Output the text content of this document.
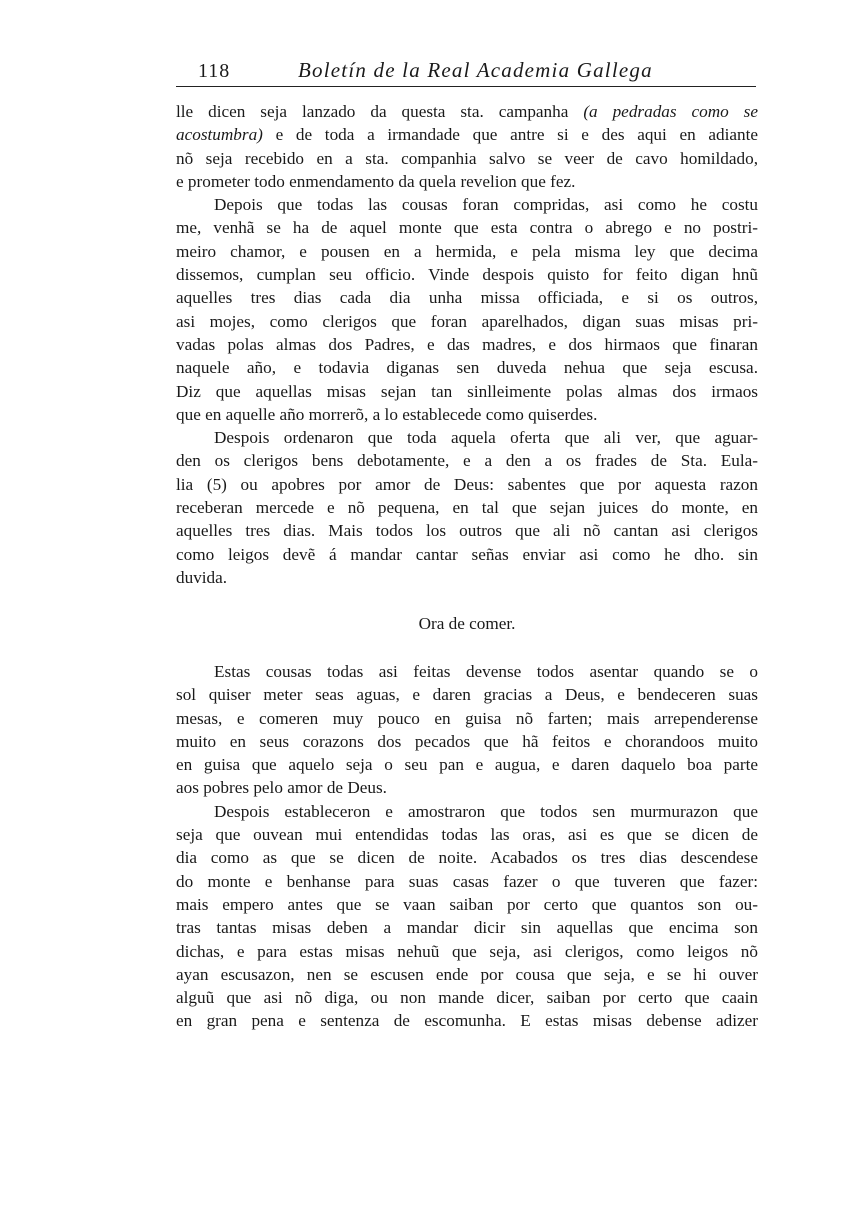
118	Boletín de la Real Academia Gallega
lle dicen seja lanzado da questa sta. campanha (a pedradas como se
acostumbra) e de toda a irmandade que antre si e des aqui en adiante
nõ seja recebido en a sta. companhia salvo se veer de cavo homildado,
e prometer todo enmendamento da quela revelion que fez.
Depois que todas las cousas foran compridas, asi como he costu
me, venhã se ha de aquel monte que esta contra o abrego e no postri-
meiro chamor, e pousen en a hermida, e pela misma ley que decima
dissemos, cumplan seu officio. Vinde despois quisto for feito digan hnũ
aquelles tres dias cada dia unha missa officiada, e si os outros,
asi mojes, como clerigos que foran aparelhados, digan suas misas pri-
vadas polas almas dos Padres, e das madres, e dos hirmaos que finaran
naquele año, e todavia diganas sen duveda nehua que seja escusa.
Diz que aquellas misas sejan tan sinlleimente polas almas dos irmaos
que en aquelle año morrerõ, a lo establecede como quiserdes.
Despois ordenaron que toda aquela oferta que ali ver, que aguar-
den os clerigos bens debotamente, e a den a os frades de Sta. Eula-
lia (5) ou apobres por amor de Deus: sabentes que por aquesta razon
receberan mercede e nõ pequena, en tal que sejan juices do monte, en
aquelles tres dias. Mais todos los outros que ali nõ cantan asi clerigos
como leigos devẽ á mandar cantar señas enviar asi como he dho. sin
duvida.
Ora de comer.
Estas cousas todas asi feitas devense todos asentar quando se o
sol quiser meter seas aguas, e daren gracias a Deus, e bendeceren suas
mesas, e comeren muy pouco en guisa nõ farten; mais arrependerense
muito en seus corazons dos pecados que hã feitos e chorandoos muito
en guisa que aquelo seja o seu pan e augua, e daren daquelo boa parte
aos pobres pelo amor de Deus.
Despois estableceron e amostraron que todos sen murmurazon que
seja que ouvean mui entendidas todas las oras, asi es que se dicen de
dia como as que se dicen de noite. Acabados os tres dias descendese
do monte e benhanse para suas casas fazer o que tuveren que fazer:
mais empero antes que se vaan saiban por certo que quantos son ou-
tras tantas misas deben a mandar dicir sin aquellas que encima son
dichas, e para estas misas nehuũ que seja, asi clerigos, como leigos nõ
ayan escusazon, nen se escusen ende por cousa que seja, e se hi ouver
alguũ que asi nõ diga, ou non mande dicer, saiban por certo que caain
en gran pena e sentenza de escomunha. E estas misas debense adizer
